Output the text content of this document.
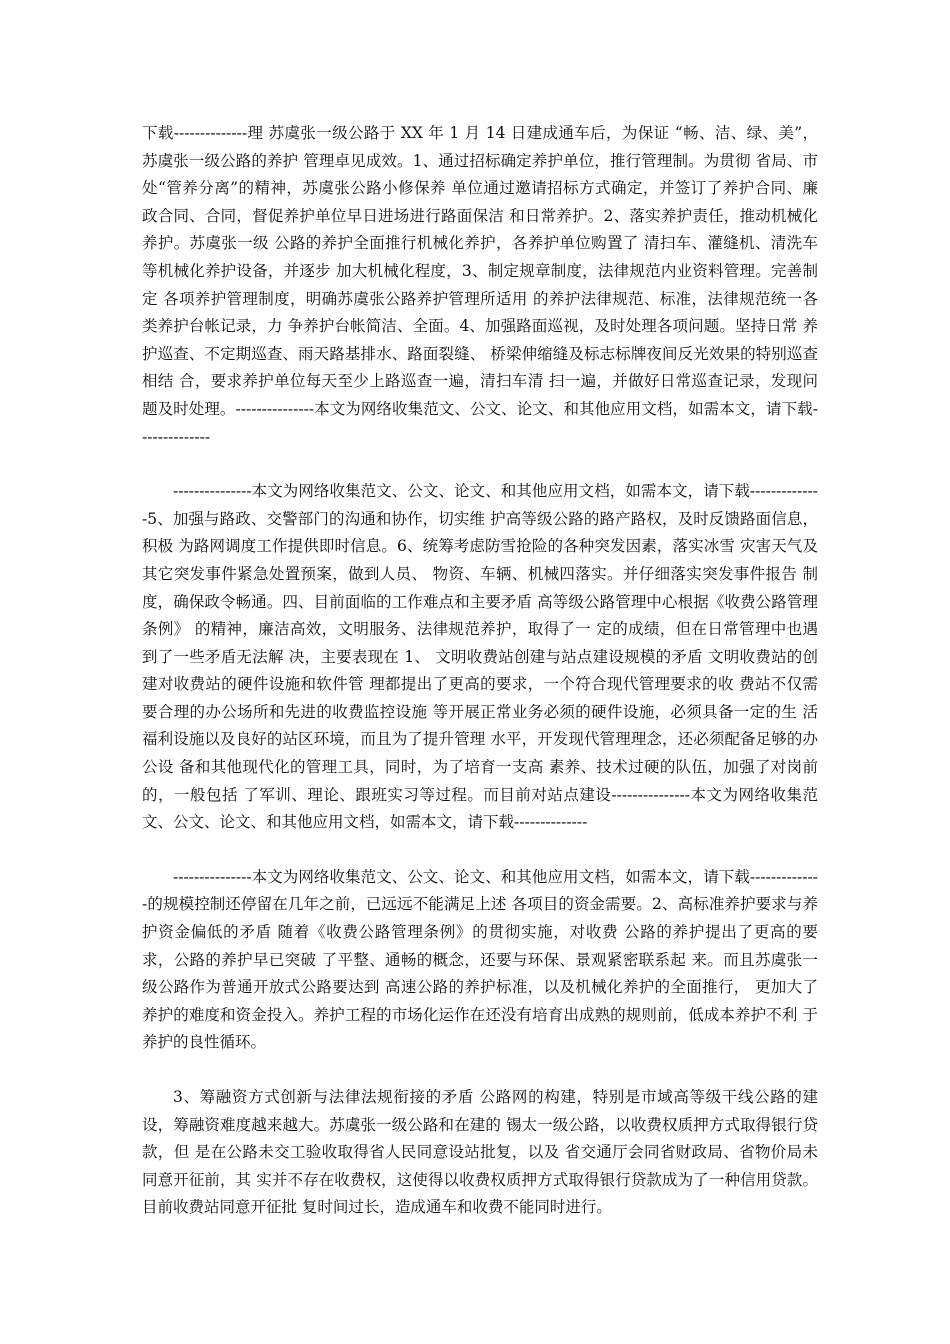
下载--------------理 苏虞张一级公路于 XX 年 1 月 14 日建成通车后，为保证 “畅、洁、绿、美”， 苏虞张一级公路的养护 管理卓见成效。1、通过招标确定养护单位，推行管理制。为贯彻 省局、市处“管养分离”的精神，苏虞张公路小修保养 单位通过邀请招标方式确定，并签订了养护合同、廉 政合同、合同，督促养护单位早日进场进行路面保洁 和日常养护。2、落实养护责任，推动机械化养护。苏虞张一级 公路的养护全面推行机械化养护，各养护单位购置了 清扫车、灌缝机、清洗车等机械化养护设备，并逐步 加大机械化程度，3、制定规章制度，法律规范内业资料管理。完善制定 各项养护管理制度，明确苏虞张公路养护管理所适用 的养护法律规范、标准，法律规范统一各类养护台帐记录，力 争养护台帐简洁、全面。4、加强路面巡视，及时处理各项问题。坚持日常 养护巡查、不定期巡查、雨天路基排水、路面裂缝、 桥梁伸缩缝及标志标牌夜间反光效果的特别巡查相结 合，要求养护单位每天至少上路巡查一遍，清扫车清 扫一遍，并做好日常巡查记录，发现问题及时处理。---------------本文为网络收集范文、公文、论文、和其他应用文档，如需本文，请下载--------------

---------------本文为网络收集范文、公文、论文、和其他应用文档，如需本文，请下载--------------5、加强与路政、交警部门的沟通和协作，切实维 护高等级公路的路产路权，及时反馈路面信息，积极 为路网调度工作提供即时信息。6、统筹考虑防雪抢险的各种突发因素，落实冰雪 灾害天气及其它突发事件紧急处置预案，做到人员、 物资、车辆、机械四落实。并仔细落实突发事件报告 制度，确保政令畅通。四、目前面临的工作难点和主要矛盾 高等级公路管理中心根据《收费公路管理条例》 的精神，廉洁高效，文明服务、法律规范养护，取得了一 定的成绩，但在日常管理中也遇到了一些矛盾无法解 决，主要表现在 1、 文明收费站创建与站点建设规模的矛盾 文明收费站的创建对收费站的硬件设施和软件管 理都提出了更高的要求，一个符合现代管理要求的收 费站不仅需要合理的办公场所和先进的收费监控设施 等开展正常业务必须的硬件设施，必须具备一定的生 活福利设施以及良好的站区环境，而且为了提升管理 水平，开发现代管理理念，还必须配备足够的办公设 备和其他现代化的管理工具，同时，为了培育一支高 素养、技术过硬的队伍，加强了对岗前的，一般包括 了军训、理论、跟班实习等过程。而目前对站点建设---------------本文为网络收集范文、公文、论文、和其他应用文档，如需本文，请下载--------------

---------------本文为网络收集范文、公文、论文、和其他应用文档，如需本文，请下载--------------的规模控制还停留在几年之前，已远远不能满足上述 各项目的资金需要。2、高标准养护要求与养护资金偏低的矛盾 随着《收费公路管理条例》的贯彻实施，对收费 公路的养护提出了更高的要求，公路的养护早已突破 了平整、通畅的概念，还要与环保、景观紧密联系起 来。而且苏虞张一级公路作为普通开放式公路要达到 高速公路的养护标准，以及机械化养护的全面推行， 更加大了养护的难度和资金投入。养护工程的市场化运作在还没有培育出成熟的规则前，低成本养护不利 于养护的良性循环。

3、筹融资方式创新与法律法规衔接的矛盾 公路网的构建，特别是市域高等级干线公路的建 设，筹融资难度越来越大。苏虞张一级公路和在建的 锡太一级公路，以收费权质押方式取得银行贷款，但 是在公路未交工验收取得省人民同意设站批复，以及 省交通厅会同省财政局、省物价局未同意开征前，其 实并不存在收费权，这使得以收费权质押方式取得银行贷款成为了一种信用贷款。目前收费站同意开征批 复时间过长，造成通车和收费不能同时进行。
